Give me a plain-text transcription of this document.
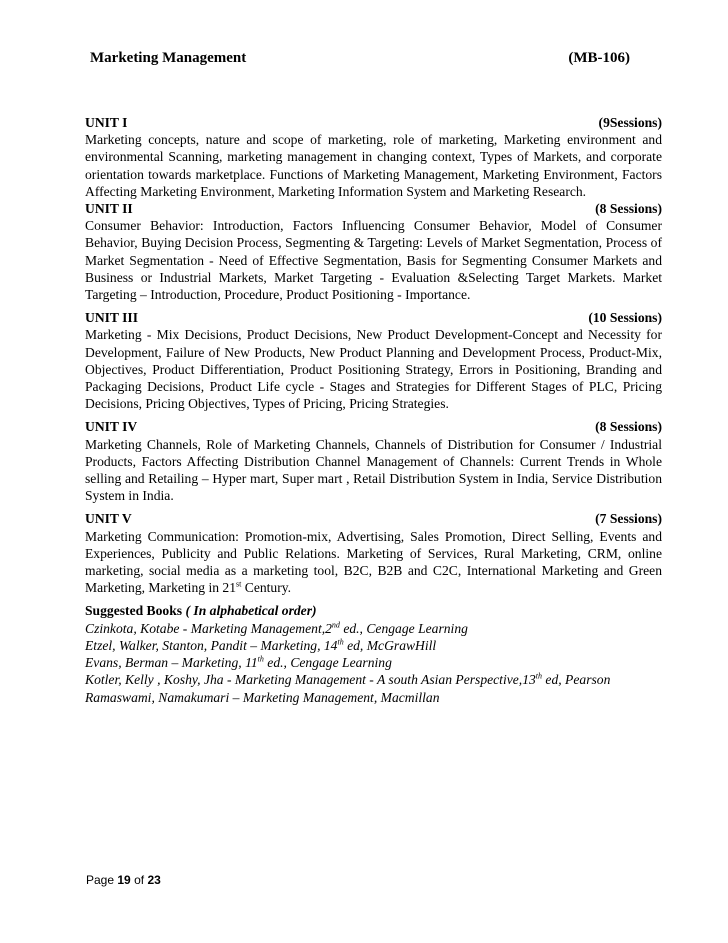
Marketing Management	(MB-106)
UNIT I	(9Sessions)
Marketing concepts, nature and scope of marketing, role of marketing, Marketing environment and environmental Scanning, marketing management in changing context, Types of Markets, and corporate orientation towards marketplace. Functions of Marketing Management, Marketing Environment, Factors Affecting Marketing Environment, Marketing Information System and Marketing Research.
UNIT II	(8 Sessions)
Consumer Behavior: Introduction, Factors Influencing Consumer Behavior, Model of Consumer Behavior, Buying Decision Process, Segmenting & Targeting: Levels of Market Segmentation, Process of Market Segmentation - Need of Effective Segmentation, Basis for Segmenting Consumer Markets and Business or Industrial Markets, Market Targeting - Evaluation &Selecting Target Markets. Market Targeting – Introduction, Procedure, Product Positioning - Importance.
UNIT III	(10 Sessions)
Marketing - Mix Decisions, Product Decisions, New Product Development-Concept and Necessity for Development, Failure of New Products, New Product Planning and Development Process, Product-Mix, Objectives, Product Differentiation, Product Positioning Strategy, Errors in Positioning, Branding and Packaging Decisions, Product Life cycle - Stages and Strategies for Different Stages of PLC, Pricing Decisions, Pricing Objectives, Types of Pricing, Pricing Strategies.
UNIT IV	(8 Sessions)
Marketing Channels, Role of Marketing Channels, Channels of Distribution for Consumer / Industrial Products, Factors Affecting Distribution Channel Management of Channels: Current Trends in Whole selling and Retailing – Hyper mart, Super mart , Retail Distribution System in India, Service Distribution System in India.
UNIT V	(7 Sessions)
Marketing Communication: Promotion-mix, Advertising, Sales Promotion, Direct Selling, Events and Experiences, Publicity and Public Relations. Marketing of Services, Rural Marketing, CRM, online marketing, social media as a marketing tool, B2C, B2B and C2C, International Marketing and Green Marketing, Marketing in 21st Century.
Suggested Books ( In alphabetical order)
Czinkota, Kotabe - Marketing Management,2nd ed., Cengage Learning
Etzel, Walker, Stanton, Pandit – Marketing, 14th ed, McGrawHill
Evans, Berman – Marketing, 11th ed., Cengage Learning
Kotler, Kelly , Koshy, Jha - Marketing Management - A south Asian Perspective,13th ed, Pearson
Ramaswami, Namakumari – Marketing Management, Macmillan
Page 19 of 23
